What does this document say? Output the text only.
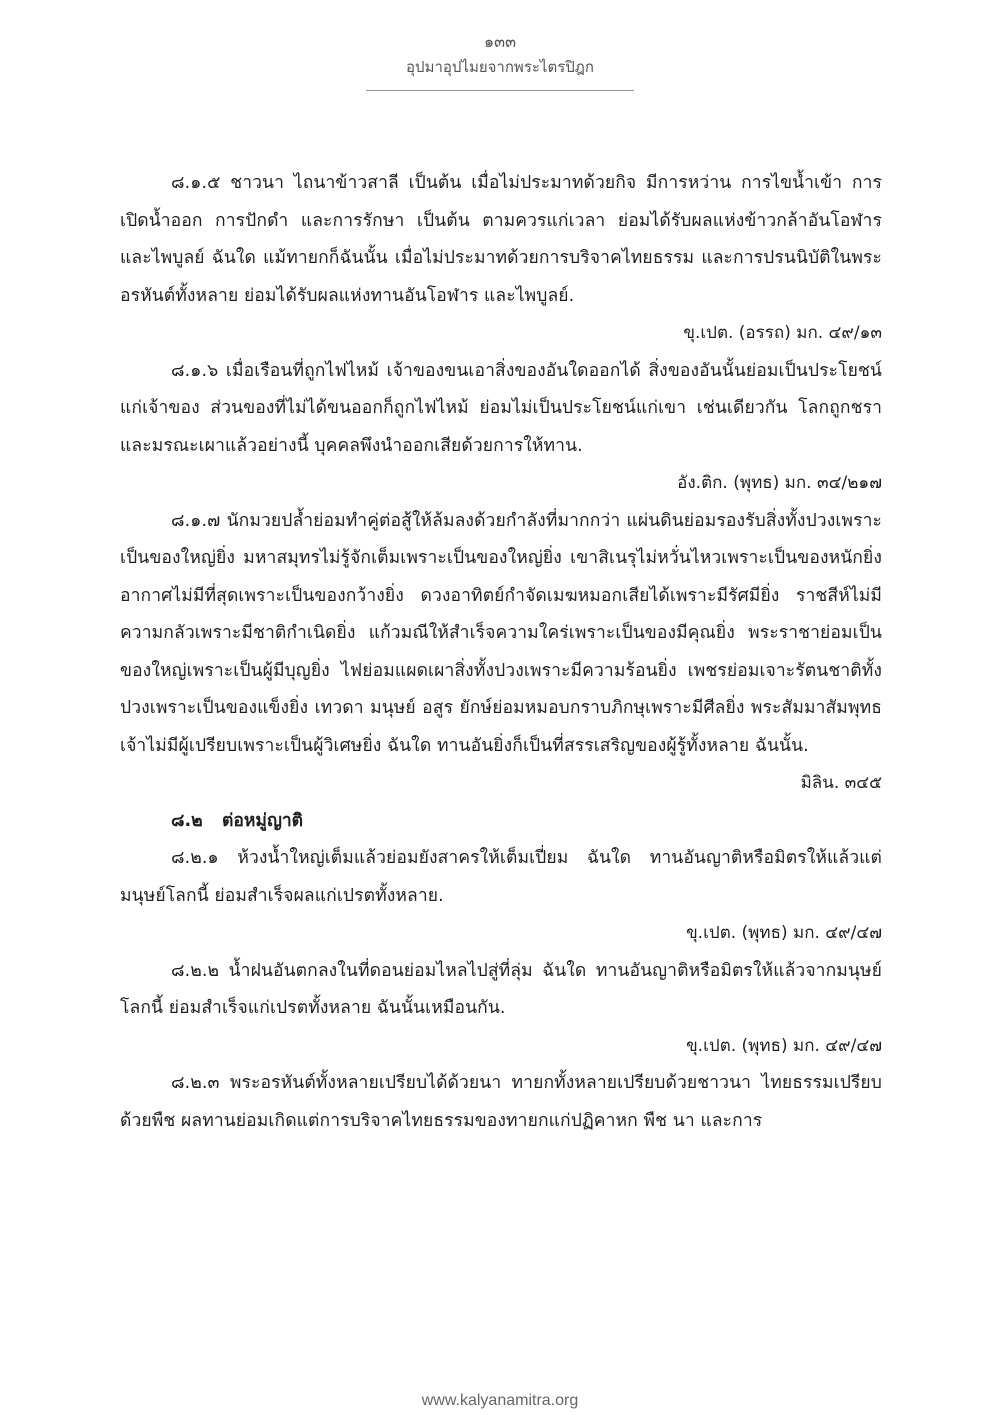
๑๓๓
อุปมาอุปไมยจากพระไตรปิฎก

๘.๑.๕ ชาวนา ไถนาข้าวสาลี เป็นต้น เมื่อไม่ประมาทด้วยกิจ มีการหว่าน การไขน้ำเข้า การเปิดน้ำออก การปักดำ และการรักษา เป็นต้น ตามควรแก่เวลา ย่อมได้รับผลแห่งข้าวกล้าอันโอฬาร และไพบูลย์ ฉันใด แม้ทายกก็ฉันนั้น เมื่อไม่ประมาทด้วยการบริจาคไทยธรรม และการปรนนิบัติในพระอรหันต์ทั้งหลาย ย่อมได้รับผลแห่งทานอันโอฬาร และไพบูลย์.

ขุ.เปต. (อรรถ) มก. ๔๙/๑๓

๘.๑.๖ เมื่อเรือนที่ถูกไฟไหม้ เจ้าของขนเอาสิ่งของอันใดออกได้ สิ่งของอันนั้นย่อมเป็นประโยชน์แก่เจ้าของ ส่วนของที่ไม่ได้ขนออกก็ถูกไฟไหม้ ย่อมไม่เป็นประโยชน์แก่เขา เช่นเดียวกัน โลกถูกชรา และมรณะเผาแล้วอย่างนี้ บุคคลพึงนำออกเสียด้วยการให้ทาน.

อัง.ติก. (พุทธ) มก. ๓๔/๒๑๗

๘.๑.๗ นักมวยปล้ำย่อมทำคู่ต่อสู้ให้ล้มลงด้วยกำลังที่มากกว่า แผ่นดินย่อมรองรับสิ่งทั้งปวงเพราะเป็นของใหญ่ยิ่ง มหาสมุทรไม่รู้จักเต็มเพราะเป็นของใหญ่ยิ่ง เขาสิเนรุไม่หวั่นไหวเพราะเป็นของหนักยิ่ง อากาศไม่มีที่สุดเพราะเป็นของกว้างยิ่ง ดวงอาทิตย์กำจัดเมฆหมอกเสียได้เพราะมีรัศมียิ่ง ราชสีห์ไม่มีความกลัวเพราะมีชาติกำเนิดยิ่ง แก้วมณีให้สำเร็จความใคร่เพราะเป็นของมีคุณยิ่ง พระราชาย่อมเป็นของใหญ่เพราะเป็นผู้มีบุญยิ่ง ไฟย่อมแผดเผาสิ่งทั้งปวงเพราะมีความร้อนยิ่ง เพชรย่อมเจาะรัตนชาติทั้งปวงเพราะเป็นของแข็งยิ่ง เทวดา มนุษย์ อสูร ยักษ์ย่อมหมอบกราบภิกษุเพราะมีศีลยิ่ง พระสัมมาสัมพุทธเจ้าไม่มีผู้เปรียบเพราะเป็นผู้วิเศษยิ่ง ฉันใด ทานอันยิ่งก็เป็นที่สรรเสริญของผู้รู้ทั้งหลาย ฉันนั้น.

มิลิน. ๓๔๕

๘.๒ ต่อหมู่ญาติ

๘.๒.๑ ห้วงน้ำใหญ่เต็มแล้วย่อมยังสาครให้เต็มเปี่ยม ฉันใด ทานอันญาติหรือมิตรให้แล้วแต่มนุษย์โลกนี้ ย่อมสำเร็จผลแก่เปรตทั้งหลาย.

ขุ.เปต. (พุทธ) มก. ๔๙/๔๗

๘.๒.๒ น้ำฝนอันตกลงในที่ดอนย่อมไหลไปสู่ที่ลุ่ม ฉันใด ทานอันญาติหรือมิตรให้แล้วจากมนุษย์โลกนี้ ย่อมสำเร็จแก่เปรตทั้งหลาย ฉันนั้นเหมือนกัน.

ขุ.เปต. (พุทธ) มก. ๔๙/๔๗

๘.๒.๓ พระอรหันต์ทั้งหลายเปรียบได้ด้วยนา ทายกทั้งหลายเปรียบด้วยชาวนา ไทยธรรมเปรียบด้วยพืช ผลทานย่อมเกิดแต่การบริจาคไทยธรรมของทายกแก่ปฏิคาหก พืช นา และการ

www.kalyanamitra.org
